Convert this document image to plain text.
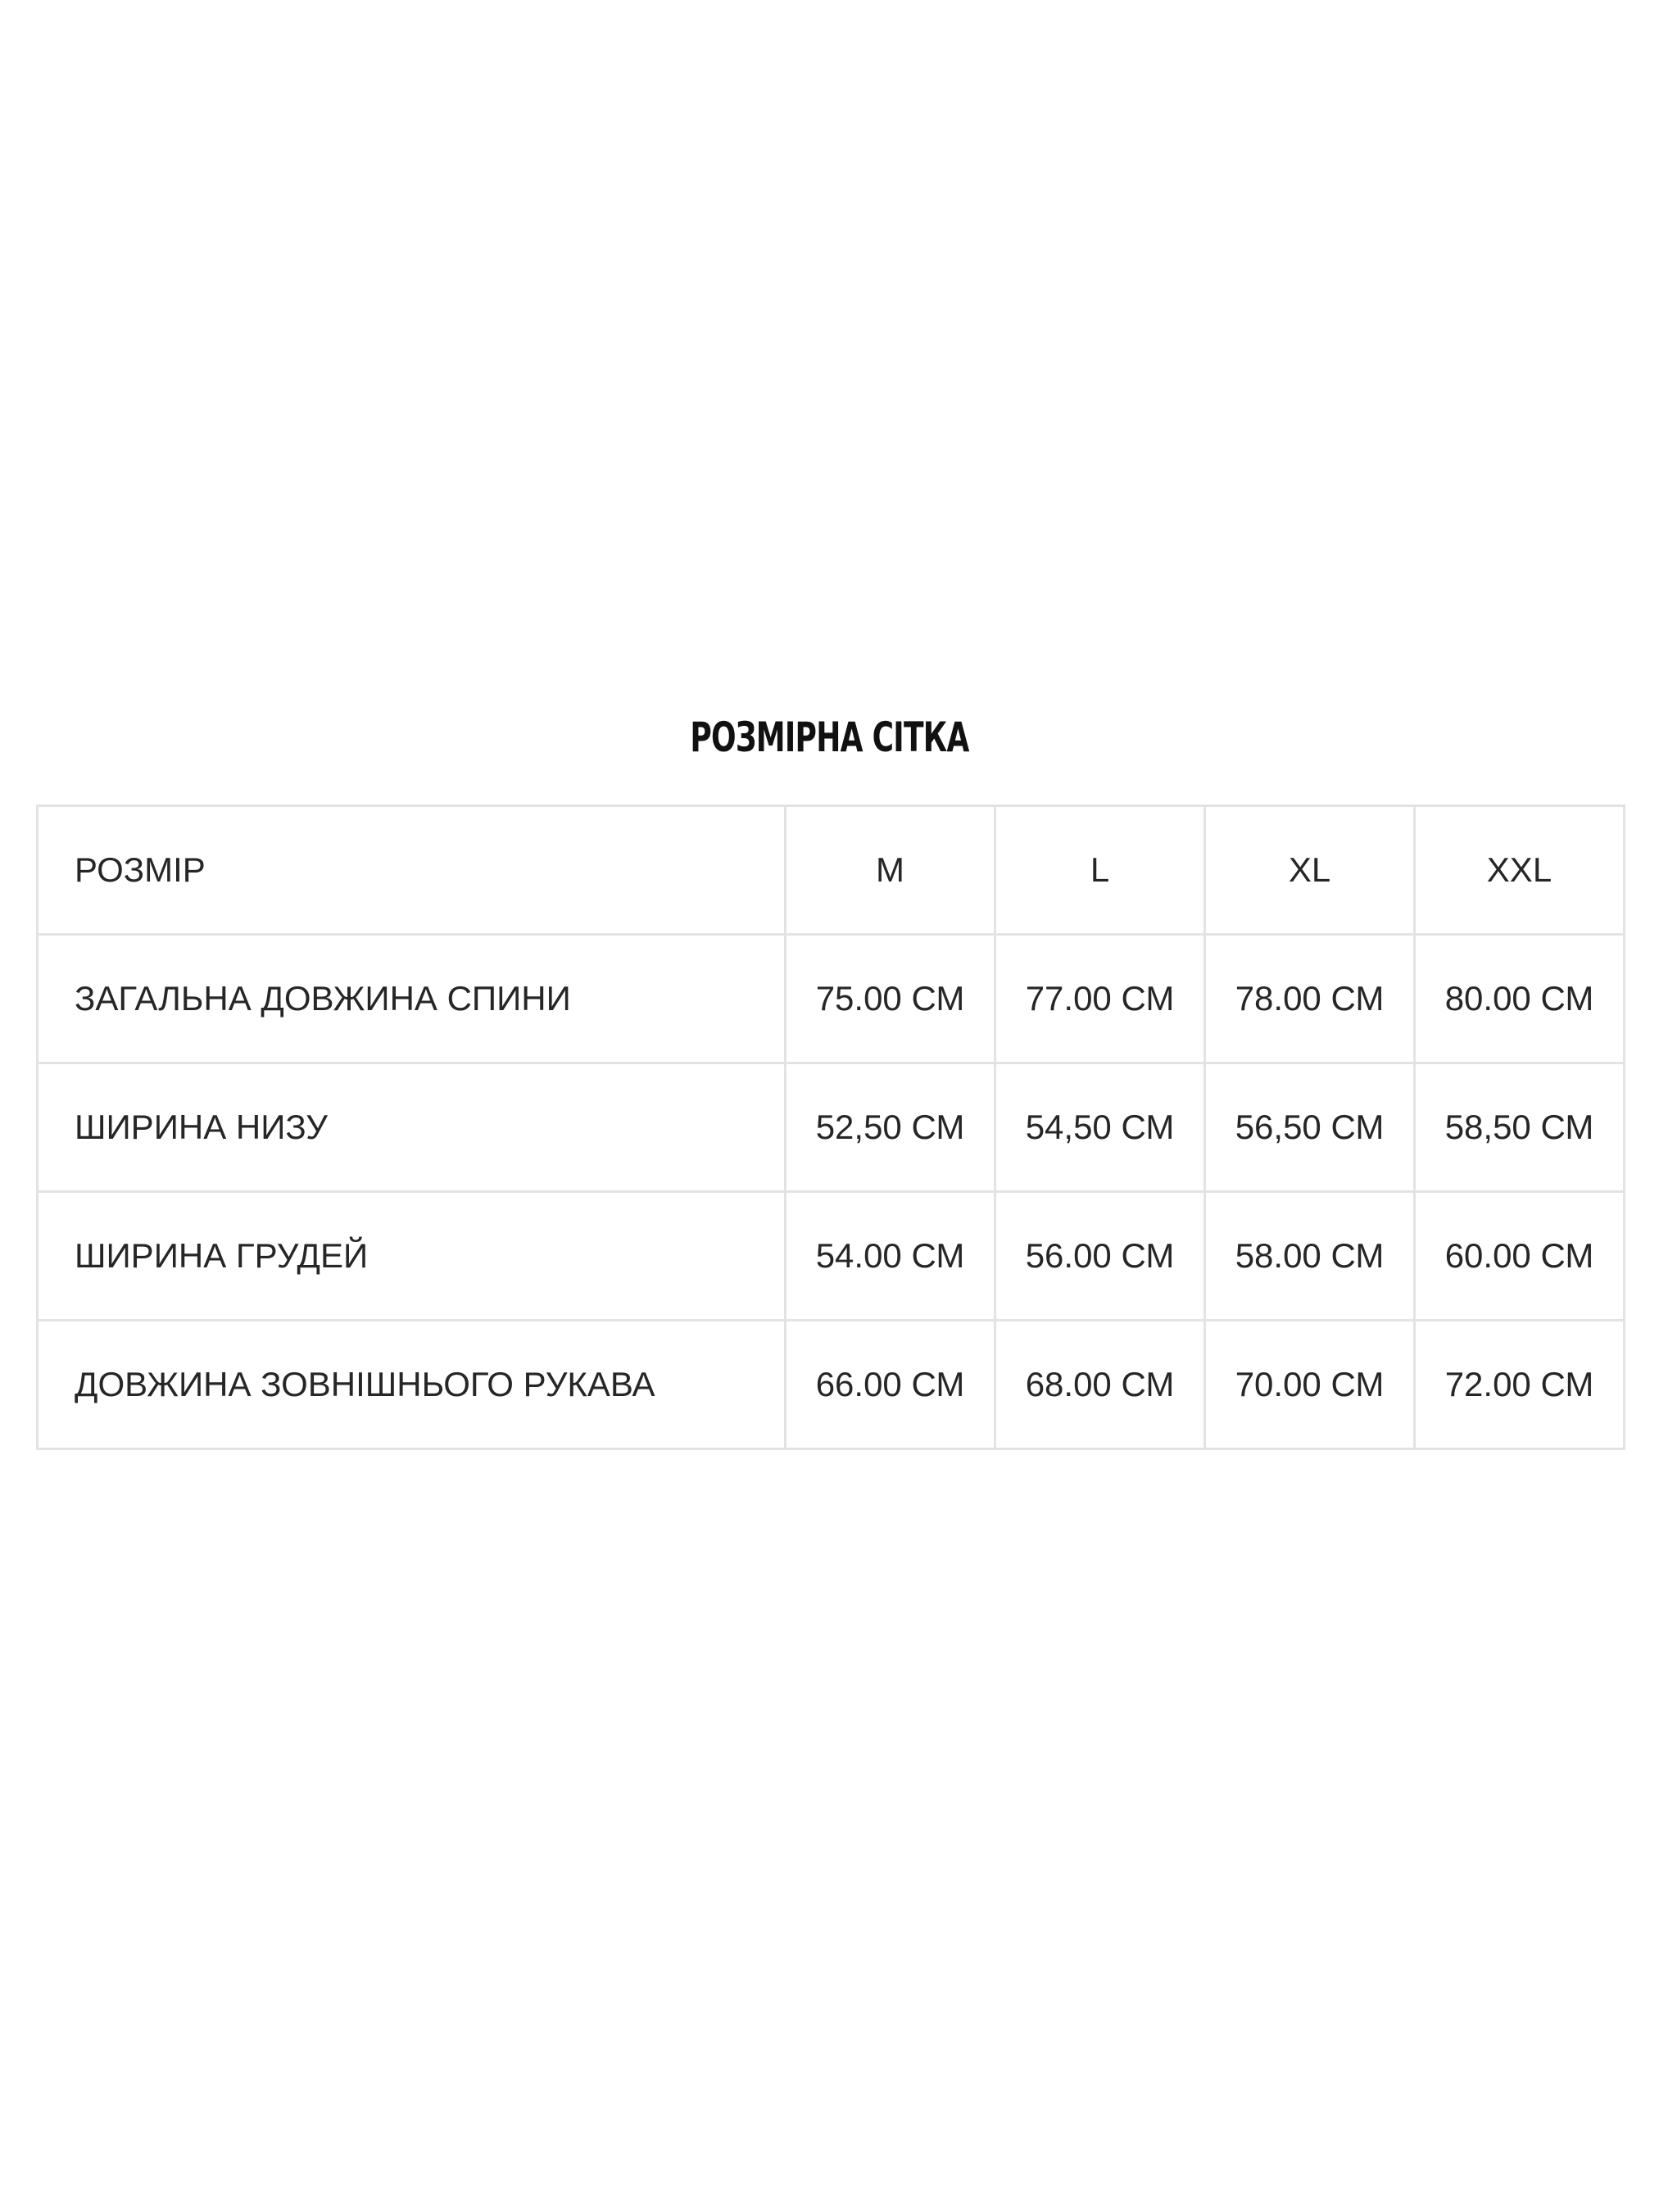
РОЗМІРНА СІТКА
РОЗМІР	M	L	XL	XXL
ЗАГАЛЬНА ДОВЖИНА СПИНИ	75.00 СМ	77.00 СМ	78.00 СМ	80.00 СМ
ШИРИНА НИЗУ	52,50 СМ	54,50 СМ	56,50 СМ	58,50 СМ
ШИРИНА ГРУДЕЙ	54.00 СМ	56.00 СМ	58.00 СМ	60.00 СМ
ДОВЖИНА ЗОВНІШНЬОГО РУКАВА	66.00 СМ	68.00 СМ	70.00 СМ	72.00 СМ
